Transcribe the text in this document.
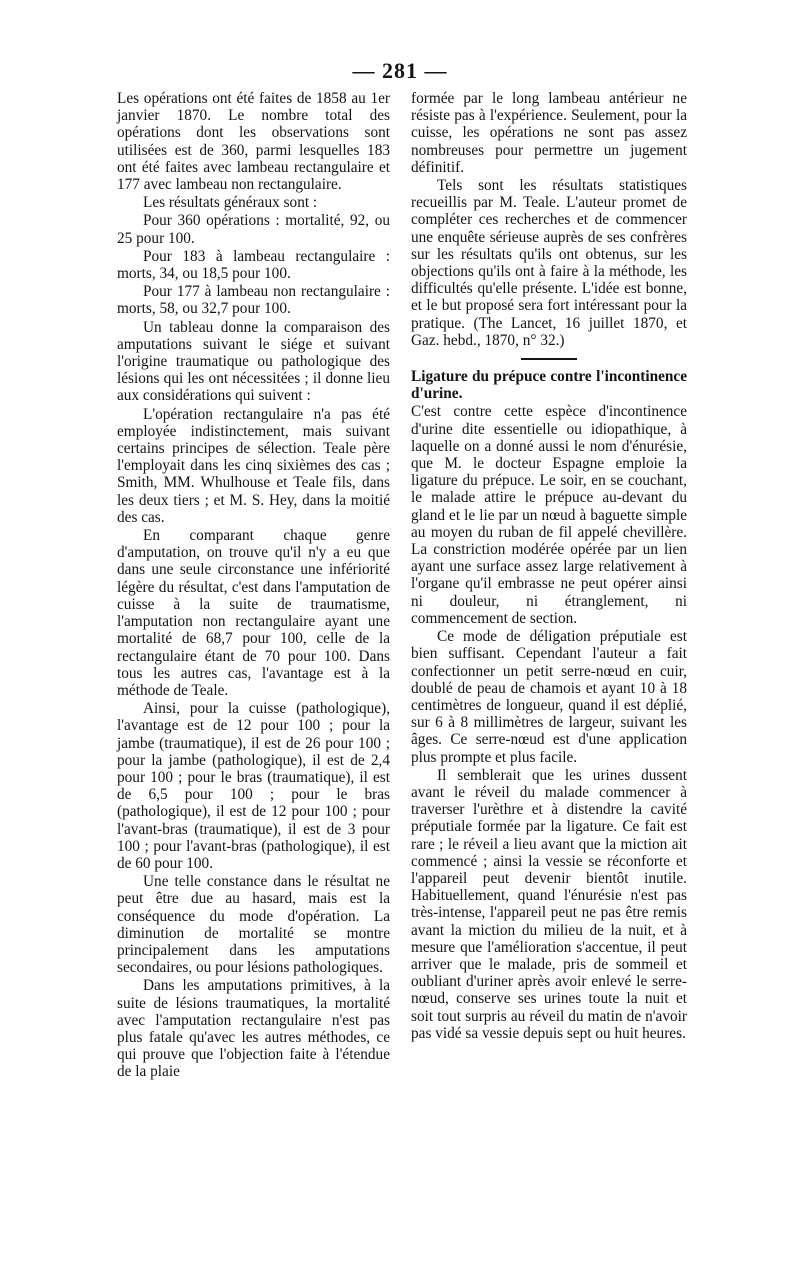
— 281 —

Les opérations ont été faites de 1858 au 1er janvier 1870. Le nombre total des opérations dont les observations sont utilisées est de 360, parmi lesquelles 183 ont été faites avec lambeau rectangulaire et 177 avec lambeau non rectangulaire.

Les résultats généraux sont :

Pour 360 opérations : mortalité, 92, ou 25 pour 100.

Pour 183 à lambeau rectangulaire : morts, 34, ou 18,5 pour 100.

Pour 177 à lambeau non rectangulaire : morts, 58, ou 32,7 pour 100.

Un tableau donne la comparaison des amputations suivant le siége et suivant l'origine traumatique ou pathologique des lésions qui les ont nécessitées ; il donne lieu aux considérations qui suivent :

L'opération rectangulaire n'a pas été employée indistinctement, mais suivant certains principes de sélection. Teale père l'employait dans les cinq sixièmes des cas ; Smith, MM. Whulhouse et Teale fils, dans les deux tiers ; et M. S. Hey, dans la moitié des cas.

En comparant chaque genre d'amputation, on trouve qu'il n'y a eu que dans une seule circonstance une infériorité légère du résultat, c'est dans l'amputation de cuisse à la suite de traumatisme, l'amputation non rectangulaire ayant une mortalité de 68,7 pour 100, celle de la rectangulaire étant de 70 pour 100. Dans tous les autres cas, l'avantage est à la méthode de Teale.

Ainsi, pour la cuisse (pathologique), l'avantage est de 12 pour 100 ; pour la jambe (traumatique), il est de 26 pour 100 ; pour la jambe (pathologique), il est de 2,4 pour 100 ; pour le bras (traumatique), il est de 6,5 pour 100 ; pour le bras (pathologique), il est de 12 pour 100 ; pour l'avant-bras (traumatique), il est de 3 pour 100 ; pour l'avant-bras (pathologique), il est de 60 pour 100.

Une telle constance dans le résultat ne peut être due au hasard, mais est la conséquence du mode d'opération. La diminution de mortalité se montre principalement dans les amputations secondaires, ou pour lésions pathologiques.

Dans les amputations primitives, à la suite de lésions traumatiques, la mortalité avec l'amputation rectangulaire n'est pas plus fatale qu'avec les autres méthodes, ce qui prouve que l'objection faite à l'étendue de la plaie

formée par le long lambeau antérieur ne résiste pas à l'expérience. Seulement, pour la cuisse, les opérations ne sont pas assez nombreuses pour permettre un jugement définitif.

Tels sont les résultats statistiques recueillis par M. Teale. L'auteur promet de compléter ces recherches et de commencer une enquête sérieuse auprès de ses confrères sur les résultats qu'ils ont obtenus, sur les objections qu'ils ont à faire à la méthode, les difficultés qu'elle présente. L'idée est bonne, et le but proposé sera fort intéressant pour la pratique. (The Lancet, 16 juillet 1870, et Gaz. hebd., 1870, n° 32.)

Ligature du prépuce contre l'incontinence d'urine.

C'est contre cette espèce d'incontinence d'urine dite essentielle ou idiopathique, à laquelle on a donné aussi le nom d'énurésie, que M. le docteur Espagne emploie la ligature du prépuce. Le soir, en se couchant, le malade attire le prépuce au-devant du gland et le lie par un nœud à baguette simple au moyen du ruban de fil appelé chevillère. La constriction modérée opérée par un lien ayant une surface assez large relativement à l'organe qu'il embrasse ne peut opérer ainsi ni douleur, ni étranglement, ni commencement de section.

Ce mode de déligation préputiale est bien suffisant. Cependant l'auteur a fait confectionner un petit serre-nœud en cuir, doublé de peau de chamois et ayant 10 à 18 centimètres de longueur, quand il est déplié, sur 6 à 8 millimètres de largeur, suivant les âges. Ce serre-nœud est d'une application plus prompte et plus facile.

Il semblerait que les urines dussent avant le réveil du malade commencer à traverser l'urèthre et à distendre la cavité préputiale formée par la ligature. Ce fait est rare ; le réveil a lieu avant que la miction ait commencé ; ainsi la vessie se réconforte et l'appareil peut devenir bientôt inutile. Habituellement, quand l'énurésie n'est pas très-intense, l'appareil peut ne pas être remis avant la miction du milieu de la nuit, et à mesure que l'amélioration s'accentue, il peut arriver que le malade, pris de sommeil et oubliant d'uriner après avoir enlevé le serre-nœud, conserve ses urines toute la nuit et soit tout surpris au réveil du matin de n'avoir pas vidé sa vessie depuis sept ou huit heures.
